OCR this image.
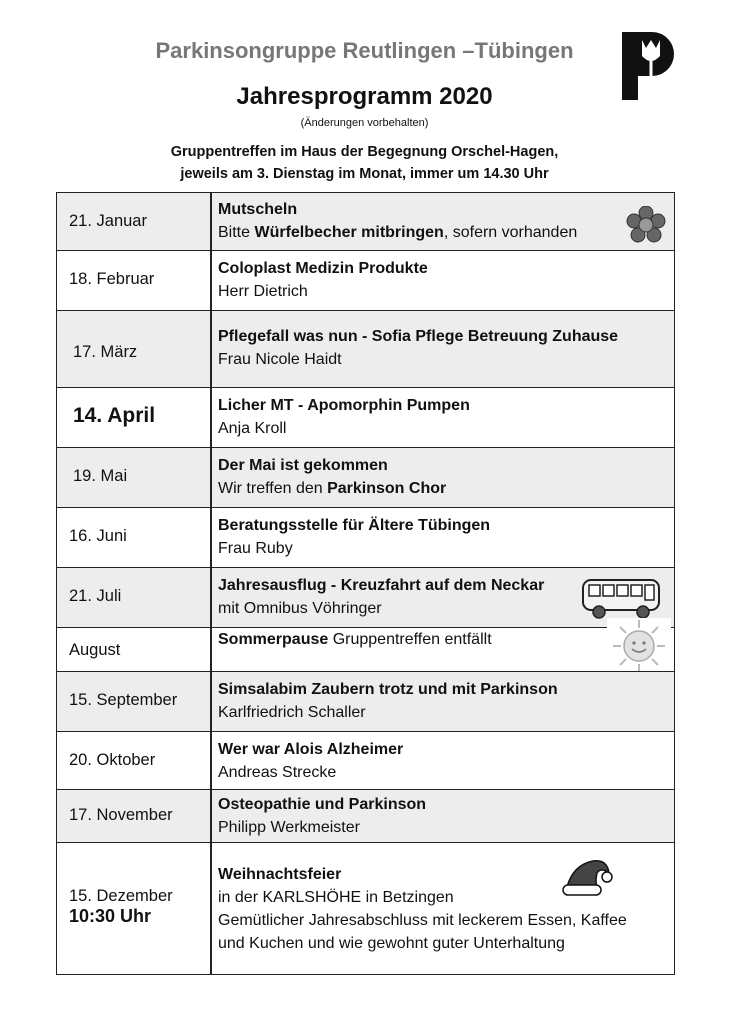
Parkinsongruppe Reutlingen –Tübingen
Jahresprogramm 2020
(Änderungen vorbehalten)
Gruppentreffen im Haus der Begegnung Orschel-Hagen,
jeweils am 3. Dienstag im Monat, immer um 14.30 Uhr
21. Januar
Mutscheln
Bitte Würfelbecher mitbringen, sofern vorhanden
18. Februar
Coloplast Medizin Produkte
Herr Dietrich
17. März
Pflegefall was nun - Sofia Pflege Betreuung Zuhause
Frau Nicole Haidt
14. April	Licher MT - Apomorphin Pumpen
Anja Kroll
19. Mai
Der Mai ist gekommen
Wir treffen den Parkinson Chor
16. Juni
Beratungsstelle für Ältere Tübingen
Frau Ruby
21. Juli
Jahresausflug - Kreuzfahrt auf dem Neckar
mit Omnibus Vöhringer
August
Sommerpause Gruppentreffen entfällt
15. September
Simsalabim Zaubern trotz und mit Parkinson
Karlfriedrich Schaller
20. Oktober
Wer war Alois Alzheimer
Andreas Strecke
17. November
Osteopathie und Parkinson
Philipp Werkmeister
15. Dezember
10:30 Uhr
Weihnachtsfeier
in der KARLSHÖHE in Betzingen
Gemütlicher Jahresabschluss mit leckerem Essen, Kaffee
und Kuchen und wie gewohnt guter Unterhaltung
